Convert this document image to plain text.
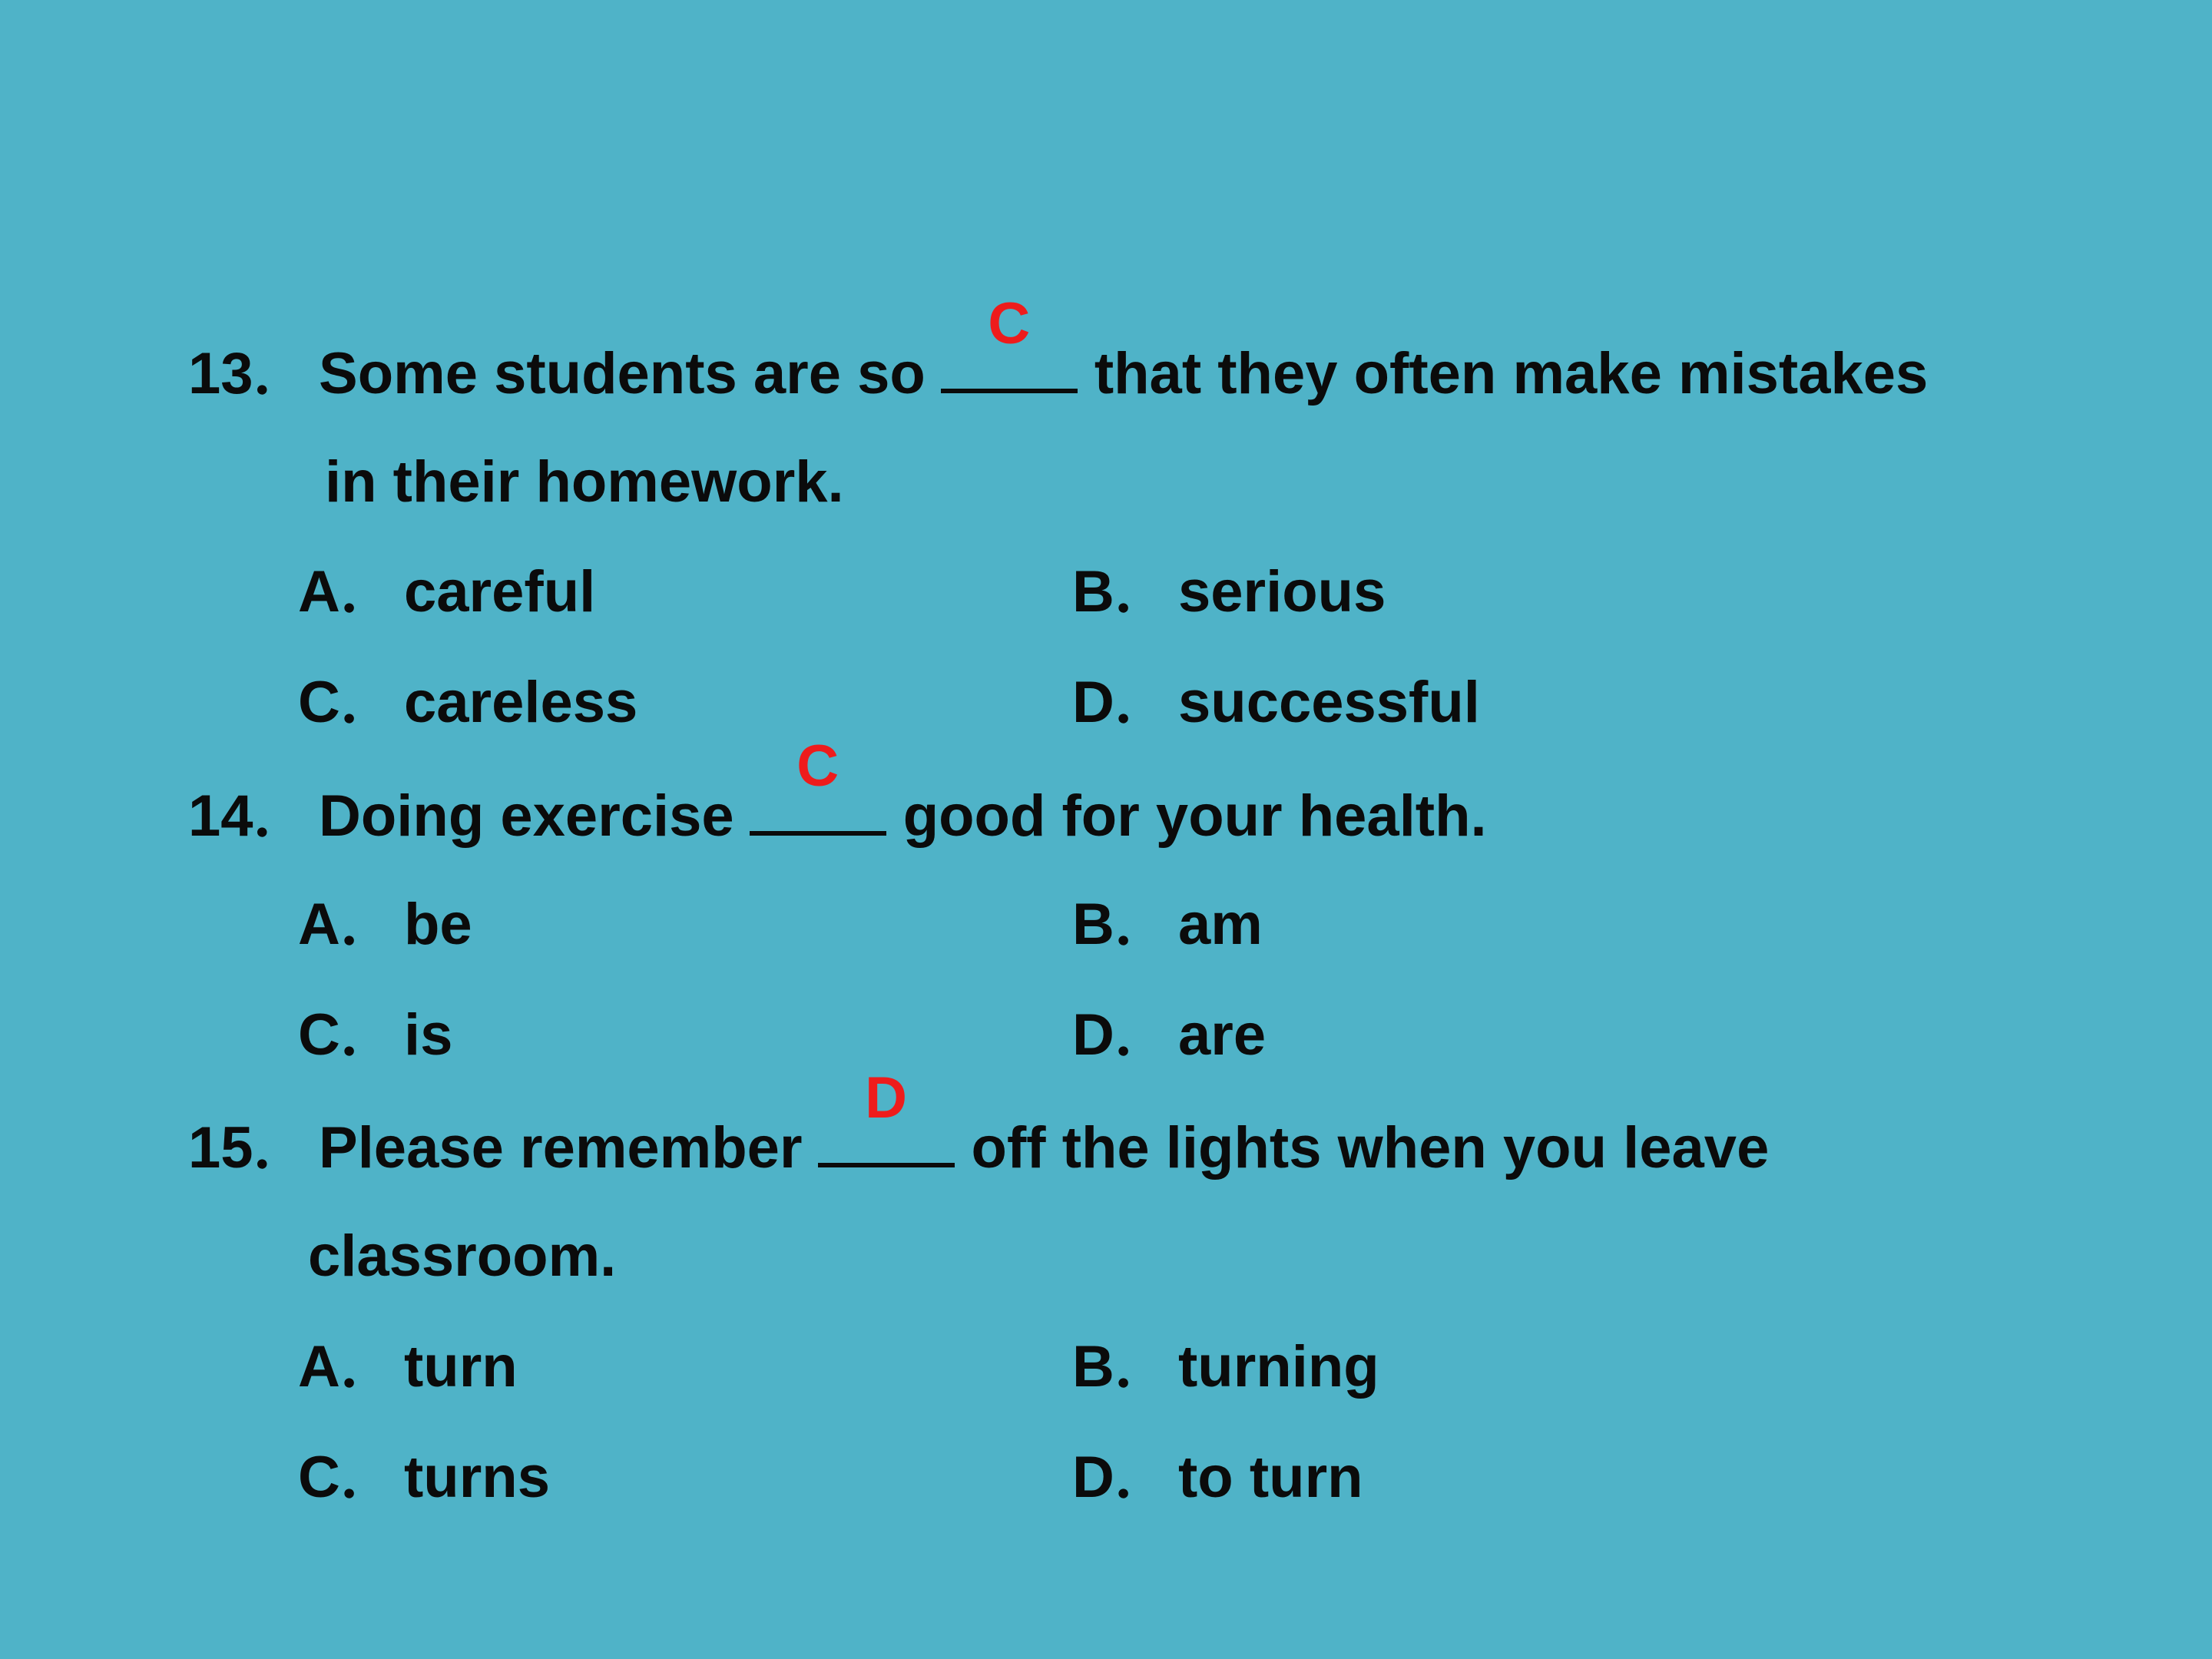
13． Some students are so
C
that they often make mistakes
in their homework.
A．careful	B．serious
C．careless	D．successful
14． Doing exercise
C
good for your health.
A．be	B．am
C．is	D．are
15． Please remember
D
off the lights when you leave
classroom.
A．turn	B．turning
C．turns	D．to turn
